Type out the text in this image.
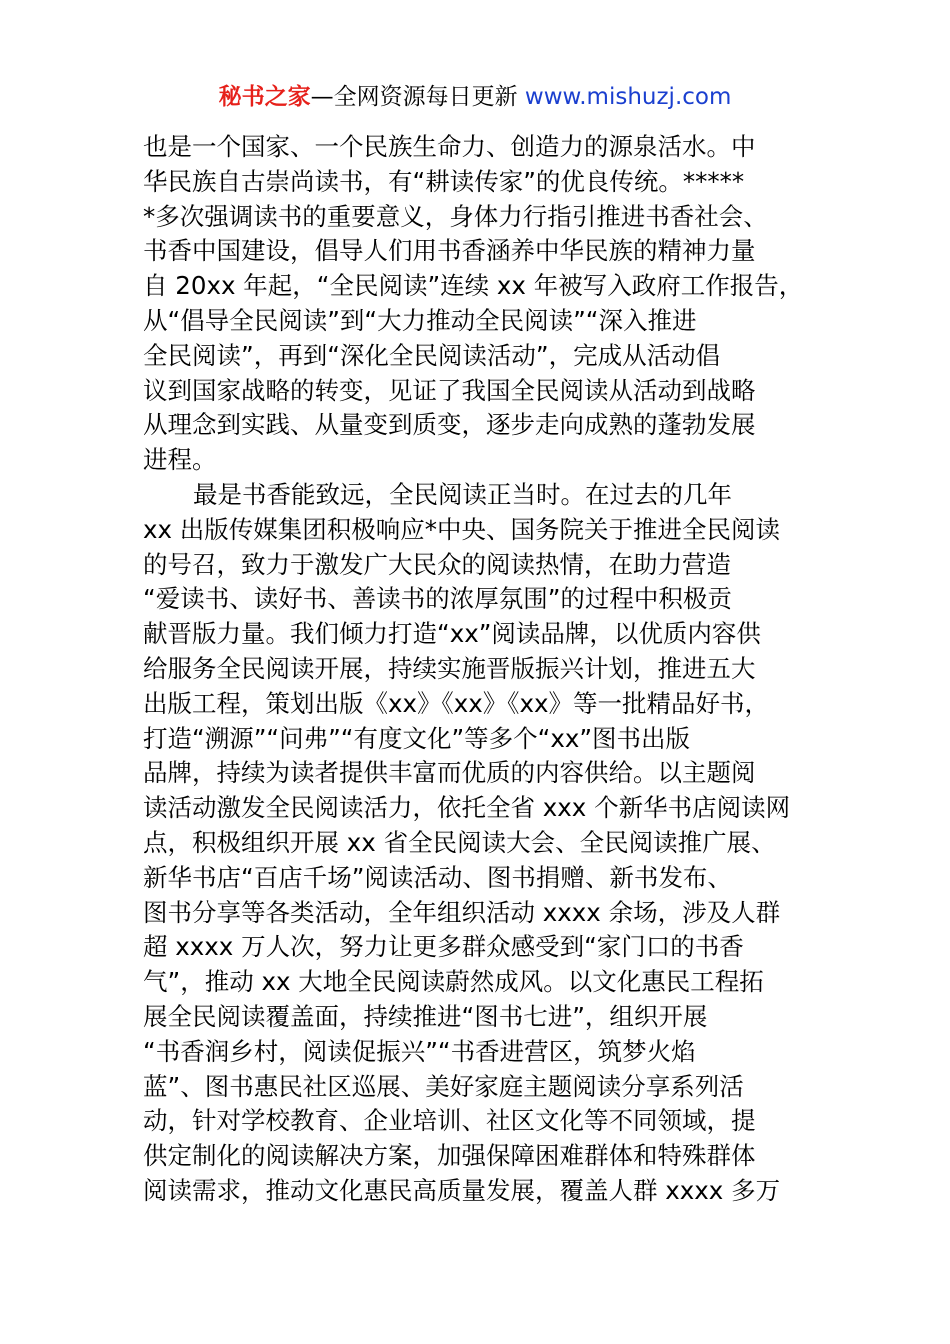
秘书之家—全网资源每日更新 www.mishuzj.com
也是一个国家、一个民族生命力、创造力的源泉活水。中
华民族自古崇尚读书，有“耕读传家”的优良传统。*****
*多次强调读书的重要意义，身体力行指引推进书香社会、
书香中国建设，倡导人们用书香涵养中华民族的精神力量
自 20xx 年起，“全民阅读”连续 xx 年被写入政府工作报告，
从“倡导全民阅读”到“大力推动全民阅读”“深入推进
全民阅读”，再到“深化全民阅读活动”，完成从活动倡
议到国家战略的转变，见证了我国全民阅读从活动到战略
从理念到实践、从量变到质变，逐步走向成熟的蓬勃发展
进程。
最是书香能致远，全民阅读正当时。在过去的几年
xx 出版传媒集团积极响应*中央、国务院关于推进全民阅读
的号召，致力于激发广大民众的阅读热情，在助力营造
“爱读书、读好书、善读书的浓厚氛围”的过程中积极贡
献晋版力量。我们倾力打造“xx”阅读品牌，以优质内容供
给服务全民阅读开展，持续实施晋版振兴计划，推进五大
出版工程，策划出版《xx》《xx》《xx》等一批精品好书，
打造“溯源”“问弗”“有度文化”等多个“xx”图书出版
品牌，持续为读者提供丰富而优质的内容供给。以主题阅
读活动激发全民阅读活力，依托全省 xxx 个新华书店阅读网
点，积极组织开展 xx 省全民阅读大会、全民阅读推广展、
新华书店“百店千场”阅读活动、图书捐赠、新书发布、
图书分享等各类活动，全年组织活动 xxxx 余场，涉及人群
超 xxxx 万人次，努力让更多群众感受到“家门口的书香
气”，推动 xx 大地全民阅读蔚然成风。以文化惠民工程拓
展全民阅读覆盖面，持续推进“图书七进”，组织开展
“书香润乡村，阅读促振兴”“书香进营区，筑梦火焰
蓝”、图书惠民社区巡展、美好家庭主题阅读分享系列活
动，针对学校教育、企业培训、社区文化等不同领域，提
供定制化的阅读解决方案，加强保障困难群体和特殊群体
阅读需求，推动文化惠民高质量发展，覆盖人群 xxxx 多万
